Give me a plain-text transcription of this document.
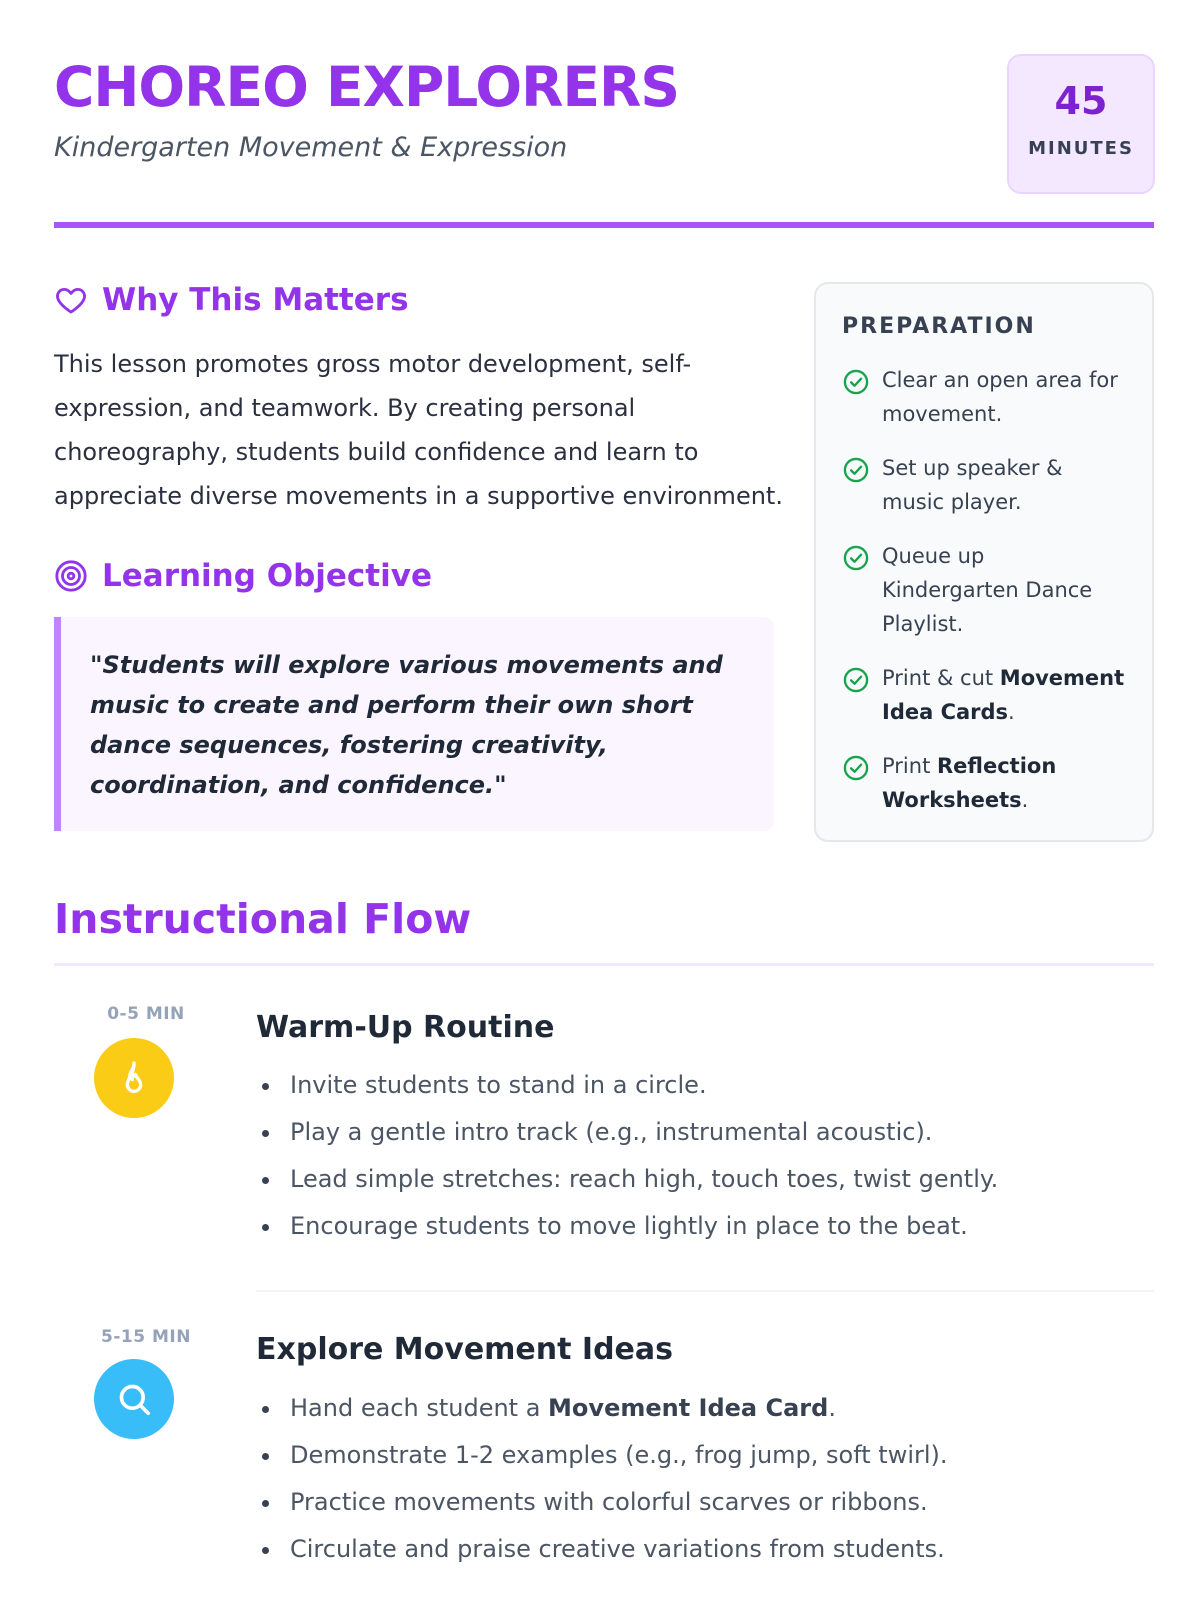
CHOREO EXPLORERS
Kindergarten Movement & Expression
45
MINUTES
Why This Matters
This lesson promotes gross motor development, self-expression, and teamwork. By creating personal choreography, students build confidence and learn to appreciate diverse movements in a supportive environment.
Learning Objective

"Students will explore various movements and music to create and perform their own short dance sequences, fostering creativity, coordination, and confidence."

PREPARATION
Clear an open area for movement.
Set up speaker & music player.
Queue up Kindergarten Dance Playlist.
Print & cut Movement Idea Cards.
Print Reflection Worksheets.
Instructional Flow
0-5 MIN	Warm-Up Routine
Invite students to stand in a circle.
Play a gentle intro track (e.g., instrumental acoustic).
Lead simple stretches: reach high, touch toes, twist gently.
Encourage students to move lightly in place to the beat.
5-15 MIN Explore Movement Ideas
Hand each student a Movement Idea Card.
Demonstrate 1-2 examples (e.g., frog jump, soft twirl).
Practice movements with colorful scarves or ribbons.
Circulate and praise creative variations from students.
